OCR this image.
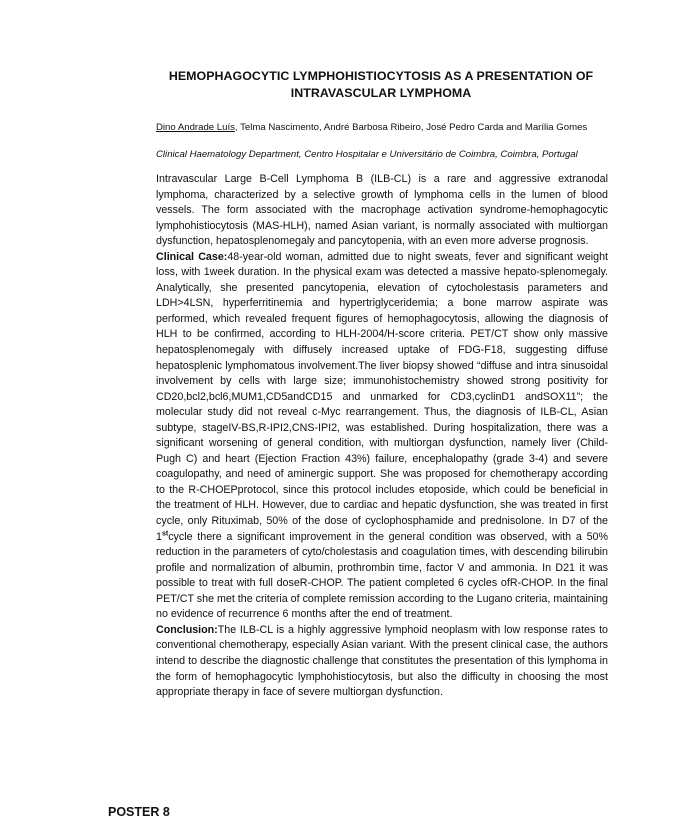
HEMOPHAGOCYTIC LYMPHOHISTIOCYTOSIS AS A PRESENTATION OF INTRAVASCULAR LYMPHOMA
Dino Andrade Luís, Telma Nascimento, André Barbosa Ribeiro, José Pedro Carda and Marília Gomes
Clinical Haematology Department, Centro Hospitalar e Universitário de Coimbra, Coimbra, Portugal

Intravascular Large B-Cell Lymphoma B (ILB-CL) is a rare and aggressive extranodal lymphoma, characterized by a selective growth of lymphoma cells in the lumen of blood vessels. The form associated with the macrophage activation syndrome-hemophagocytic lymphohistiocytosis (MAS-HLH), named Asian variant, is normally associated with multiorgan dysfunction, hepatosplenomegaly and pancytopenia, with an even more adverse prognosis.

Clinical Case:48-year-old woman, admitted due to night sweats, fever and significant weight loss, with 1week duration. In the physical exam was detected a massive hepato-splenomegaly. Analytically, she presented pancytopenia, elevation of cytocholestasis parameters and LDH>4LSN, hyperferritinemia and hypertriglyceridemia; a bone marrow aspirate was performed, which revealed frequent figures of hemophagocytosis, allowing the diagnosis of HLH to be confirmed, according to HLH-2004/H-score criteria. PET/CT show only massive hepatosplenomegaly with diffusely increased uptake of FDG-F18, suggesting diffuse hepatosplenic lymphomatous involvement.The liver biopsy showed “diffuse and intra sinusoidal involvement by cells with large size; immunohistochemistry showed strong positivity for CD20,bcl2,bcl6,MUM1,CD5andCD15 and unmarked for CD3,cyclinD1 andSOX11”; the molecular study did not reveal c-Myc rearrangement. Thus, the diagnosis of ILB-CL, Asian subtype, stageIV-BS,R-IPI2,CNS-IPI2, was established. During hospitalization, there was a significant worsening of general condition, with multiorgan dysfunction, namely liver (Child-Pugh C) and heart (Ejection Fraction 43%) failure, encephalopathy (grade 3-4) and severe coagulopathy, and need of aminergic support. She was proposed for chemotherapy according to the R-CHOEPprotocol, since this protocol includes etoposide, which could be beneficial in the treatment of HLH. However, due to cardiac and hepatic dysfunction, she was treated in first cycle, only Rituximab, 50% of the dose of cyclophosphamide and prednisolone. In D7 of the 1stcycle there a significant improvement in the general condition was observed, with a 50% reduction in the parameters of cyto/cholestasis and coagulation times, with descending bilirubin profile and normalization of albumin, prothrombin time, factor V and ammonia. In D21 it was possible to treat with full doseR-CHOP. The patient completed 6 cycles ofR-CHOP. In the final PET/CT she met the criteria of complete remission according to the Lugano criteria, maintaining no evidence of recurrence 6 months after the end of treatment.

Conclusion:The ILB-CL is a highly aggressive lymphoid neoplasm with low response rates to conventional chemotherapy, especially Asian variant. With the present clinical case, the authors intend to describe the diagnostic challenge that constitutes the presentation of this lymphoma in the form of hemophagocytic lymphohistiocytosis, but also the difficulty in choosing the most appropriate therapy in face of severe multiorgan dysfunction.

POSTER 8
